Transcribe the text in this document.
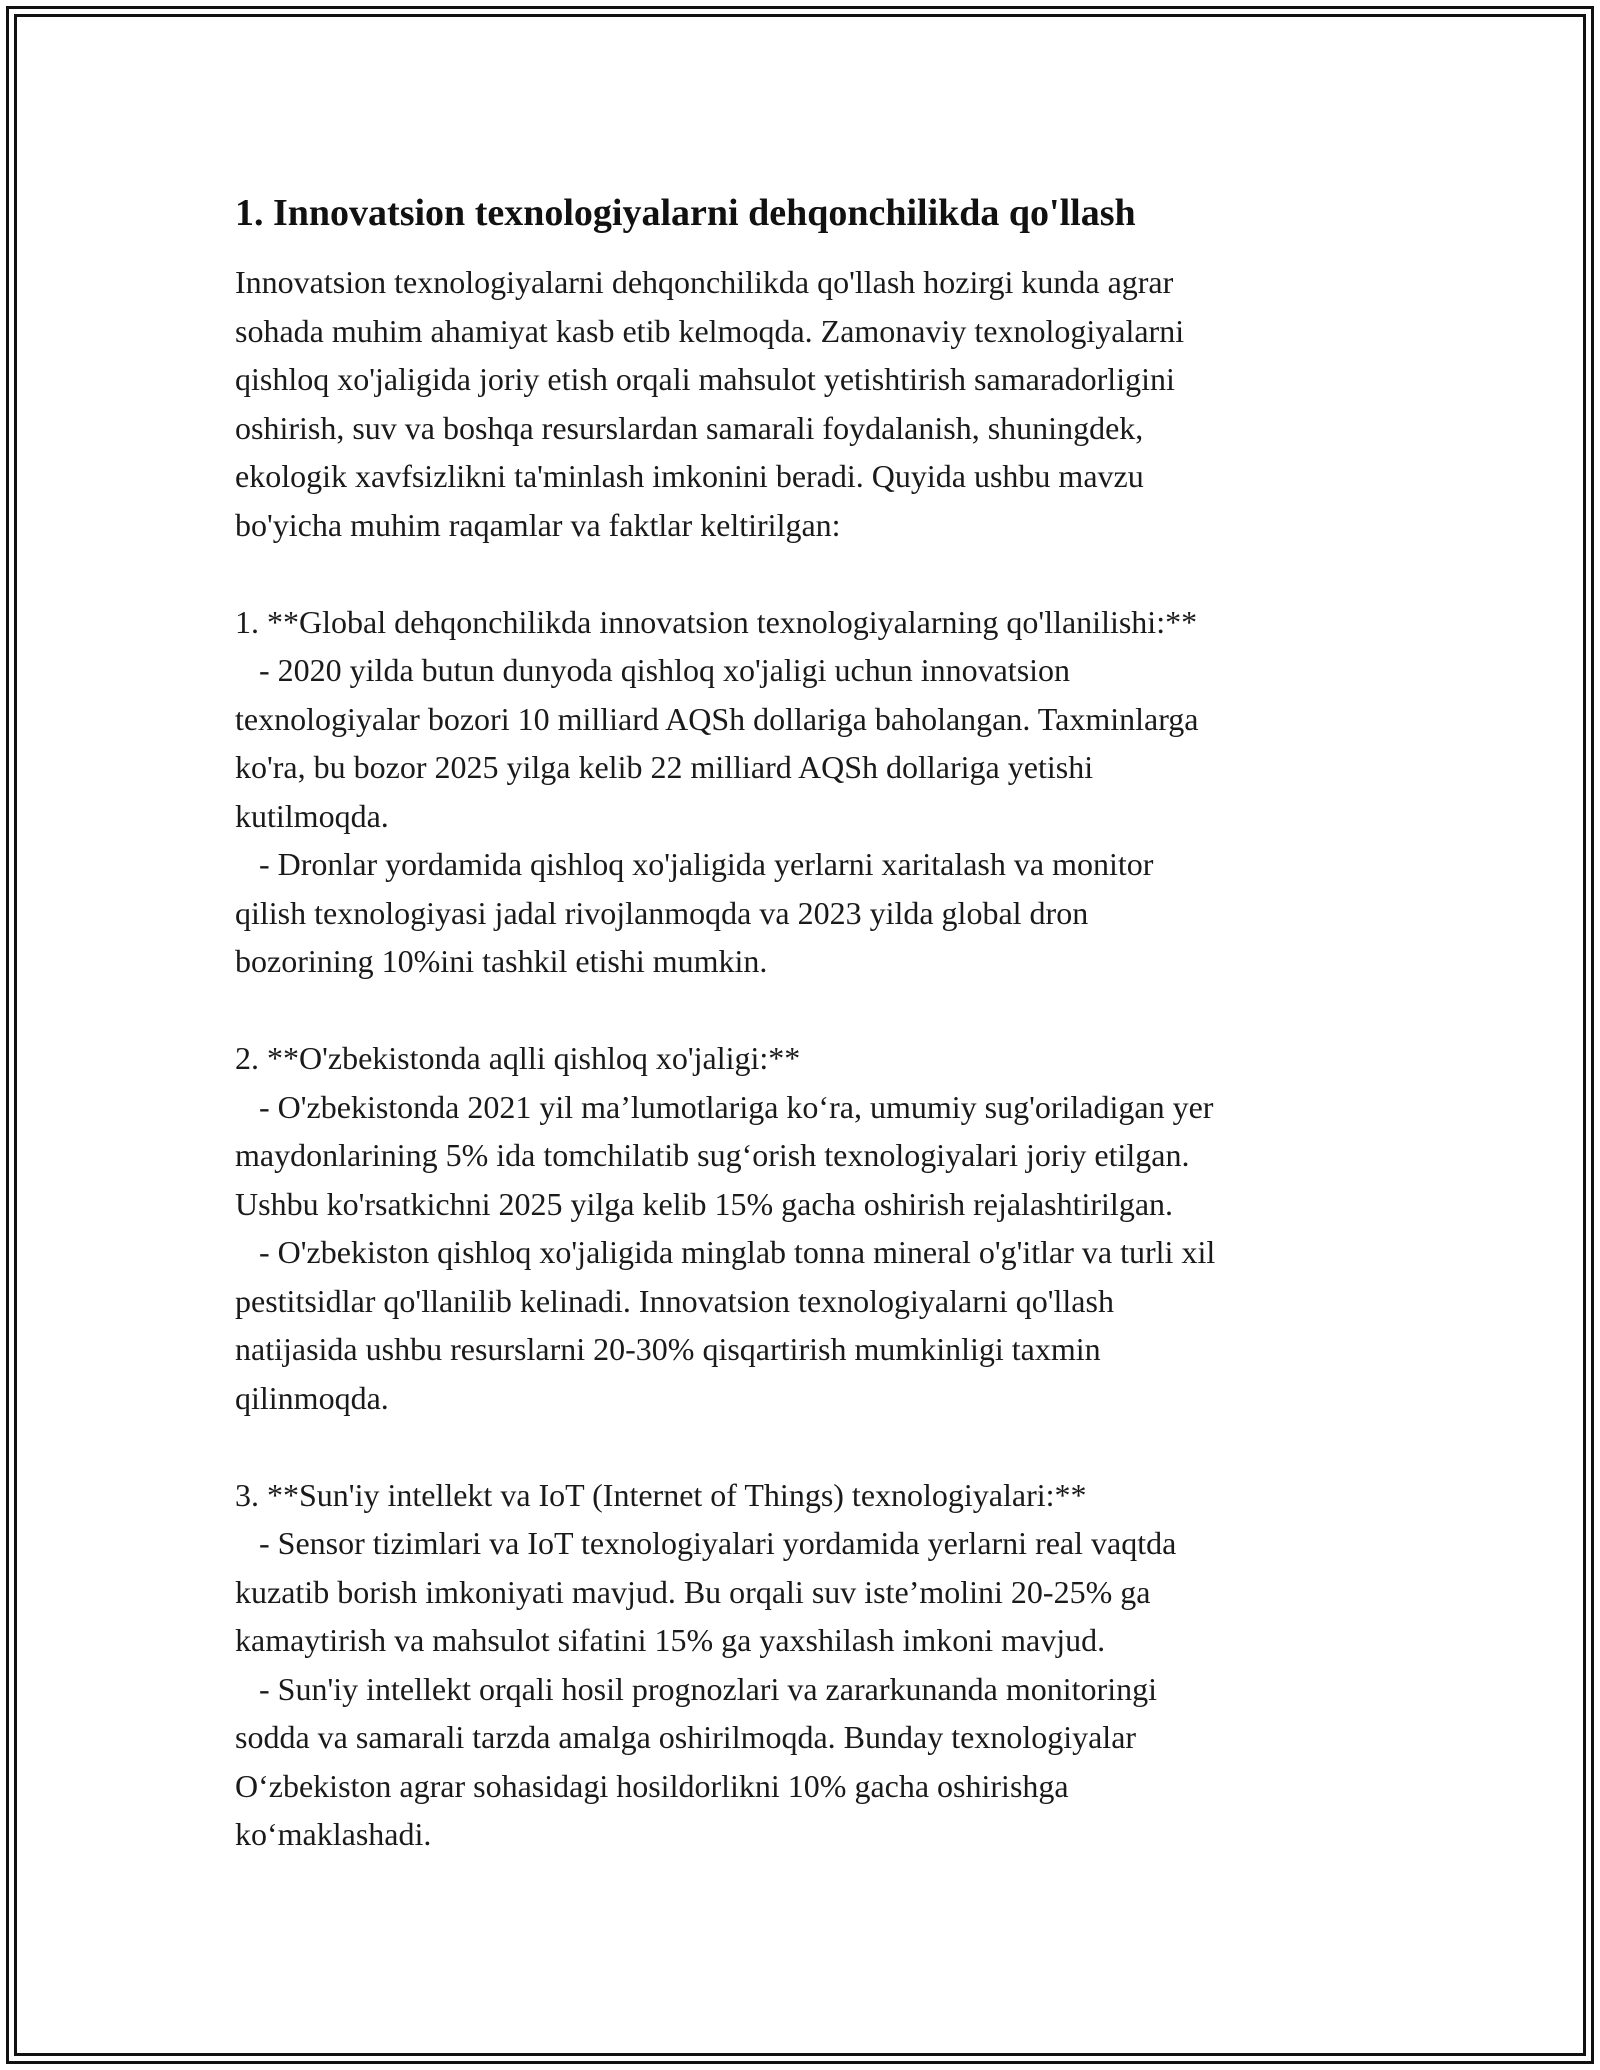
1. Innovatsion texnologiyalarni dehqonchilikda qo'llash

Innovatsion texnologiyalarni dehqonchilikda qo'llash hozirgi kunda agrar

sohada muhim ahamiyat kasb etib kelmoqda. Zamonaviy texnologiyalarni

qishloq xo'jaligida joriy etish orqali mahsulot yetishtirish samaradorligini

oshirish, suv va boshqa resurslardan samarali foydalanish, shuningdek,

ekologik xavfsizlikni ta'minlash imkonini beradi. Quyida ushbu mavzu

bo'yicha muhim raqamlar va faktlar keltirilgan:

1. **Global dehqonchilikda innovatsion texnologiyalarning qo'llanilishi:**

- 2020 yilda butun dunyoda qishloq xo'jaligi uchun innovatsion

texnologiyalar bozori 10 milliard AQSh dollariga baholangan. Taxminlarga

ko'ra, bu bozor 2025 yilga kelib 22 milliard AQSh dollariga yetishi

kutilmoqda.

- Dronlar yordamida qishloq xo'jaligida yerlarni xaritalash va monitor

qilish texnologiyasi jadal rivojlanmoqda va 2023 yilda global dron

bozorining 10%ini tashkil etishi mumkin.

2. **O'zbekistonda aqlli qishloq xo'jaligi:**

- O'zbekistonda 2021 yil ma’lumotlariga ko‘ra, umumiy sug'oriladigan yer

maydonlarining 5% ida tomchilatib sug‘orish texnologiyalari joriy etilgan.

Ushbu ko'rsatkichni 2025 yilga kelib 15% gacha oshirish rejalashtirilgan.

- O'zbekiston qishloq xo'jaligida minglab tonna mineral o'g'itlar va turli xil

pestitsidlar qo'llanilib kelinadi. Innovatsion texnologiyalarni qo'llash

natijasida ushbu resurslarni 20-30% qisqartirish mumkinligi taxmin

qilinmoqda.

3. **Sun'iy intellekt va IoT (Internet of Things) texnologiyalari:**

- Sensor tizimlari va IoT texnologiyalari yordamida yerlarni real vaqtda

kuzatib borish imkoniyati mavjud. Bu orqali suv iste’molini 20-25% ga

kamaytirish va mahsulot sifatini 15% ga yaxshilash imkoni mavjud.

- Sun'iy intellekt orqali hosil prognozlari va zararkunanda monitoringi

sodda va samarali tarzda amalga oshirilmoqda. Bunday texnologiyalar

O‘zbekiston agrar sohasidagi hosildorlikni 10% gacha oshirishga

ko‘maklashadi.
